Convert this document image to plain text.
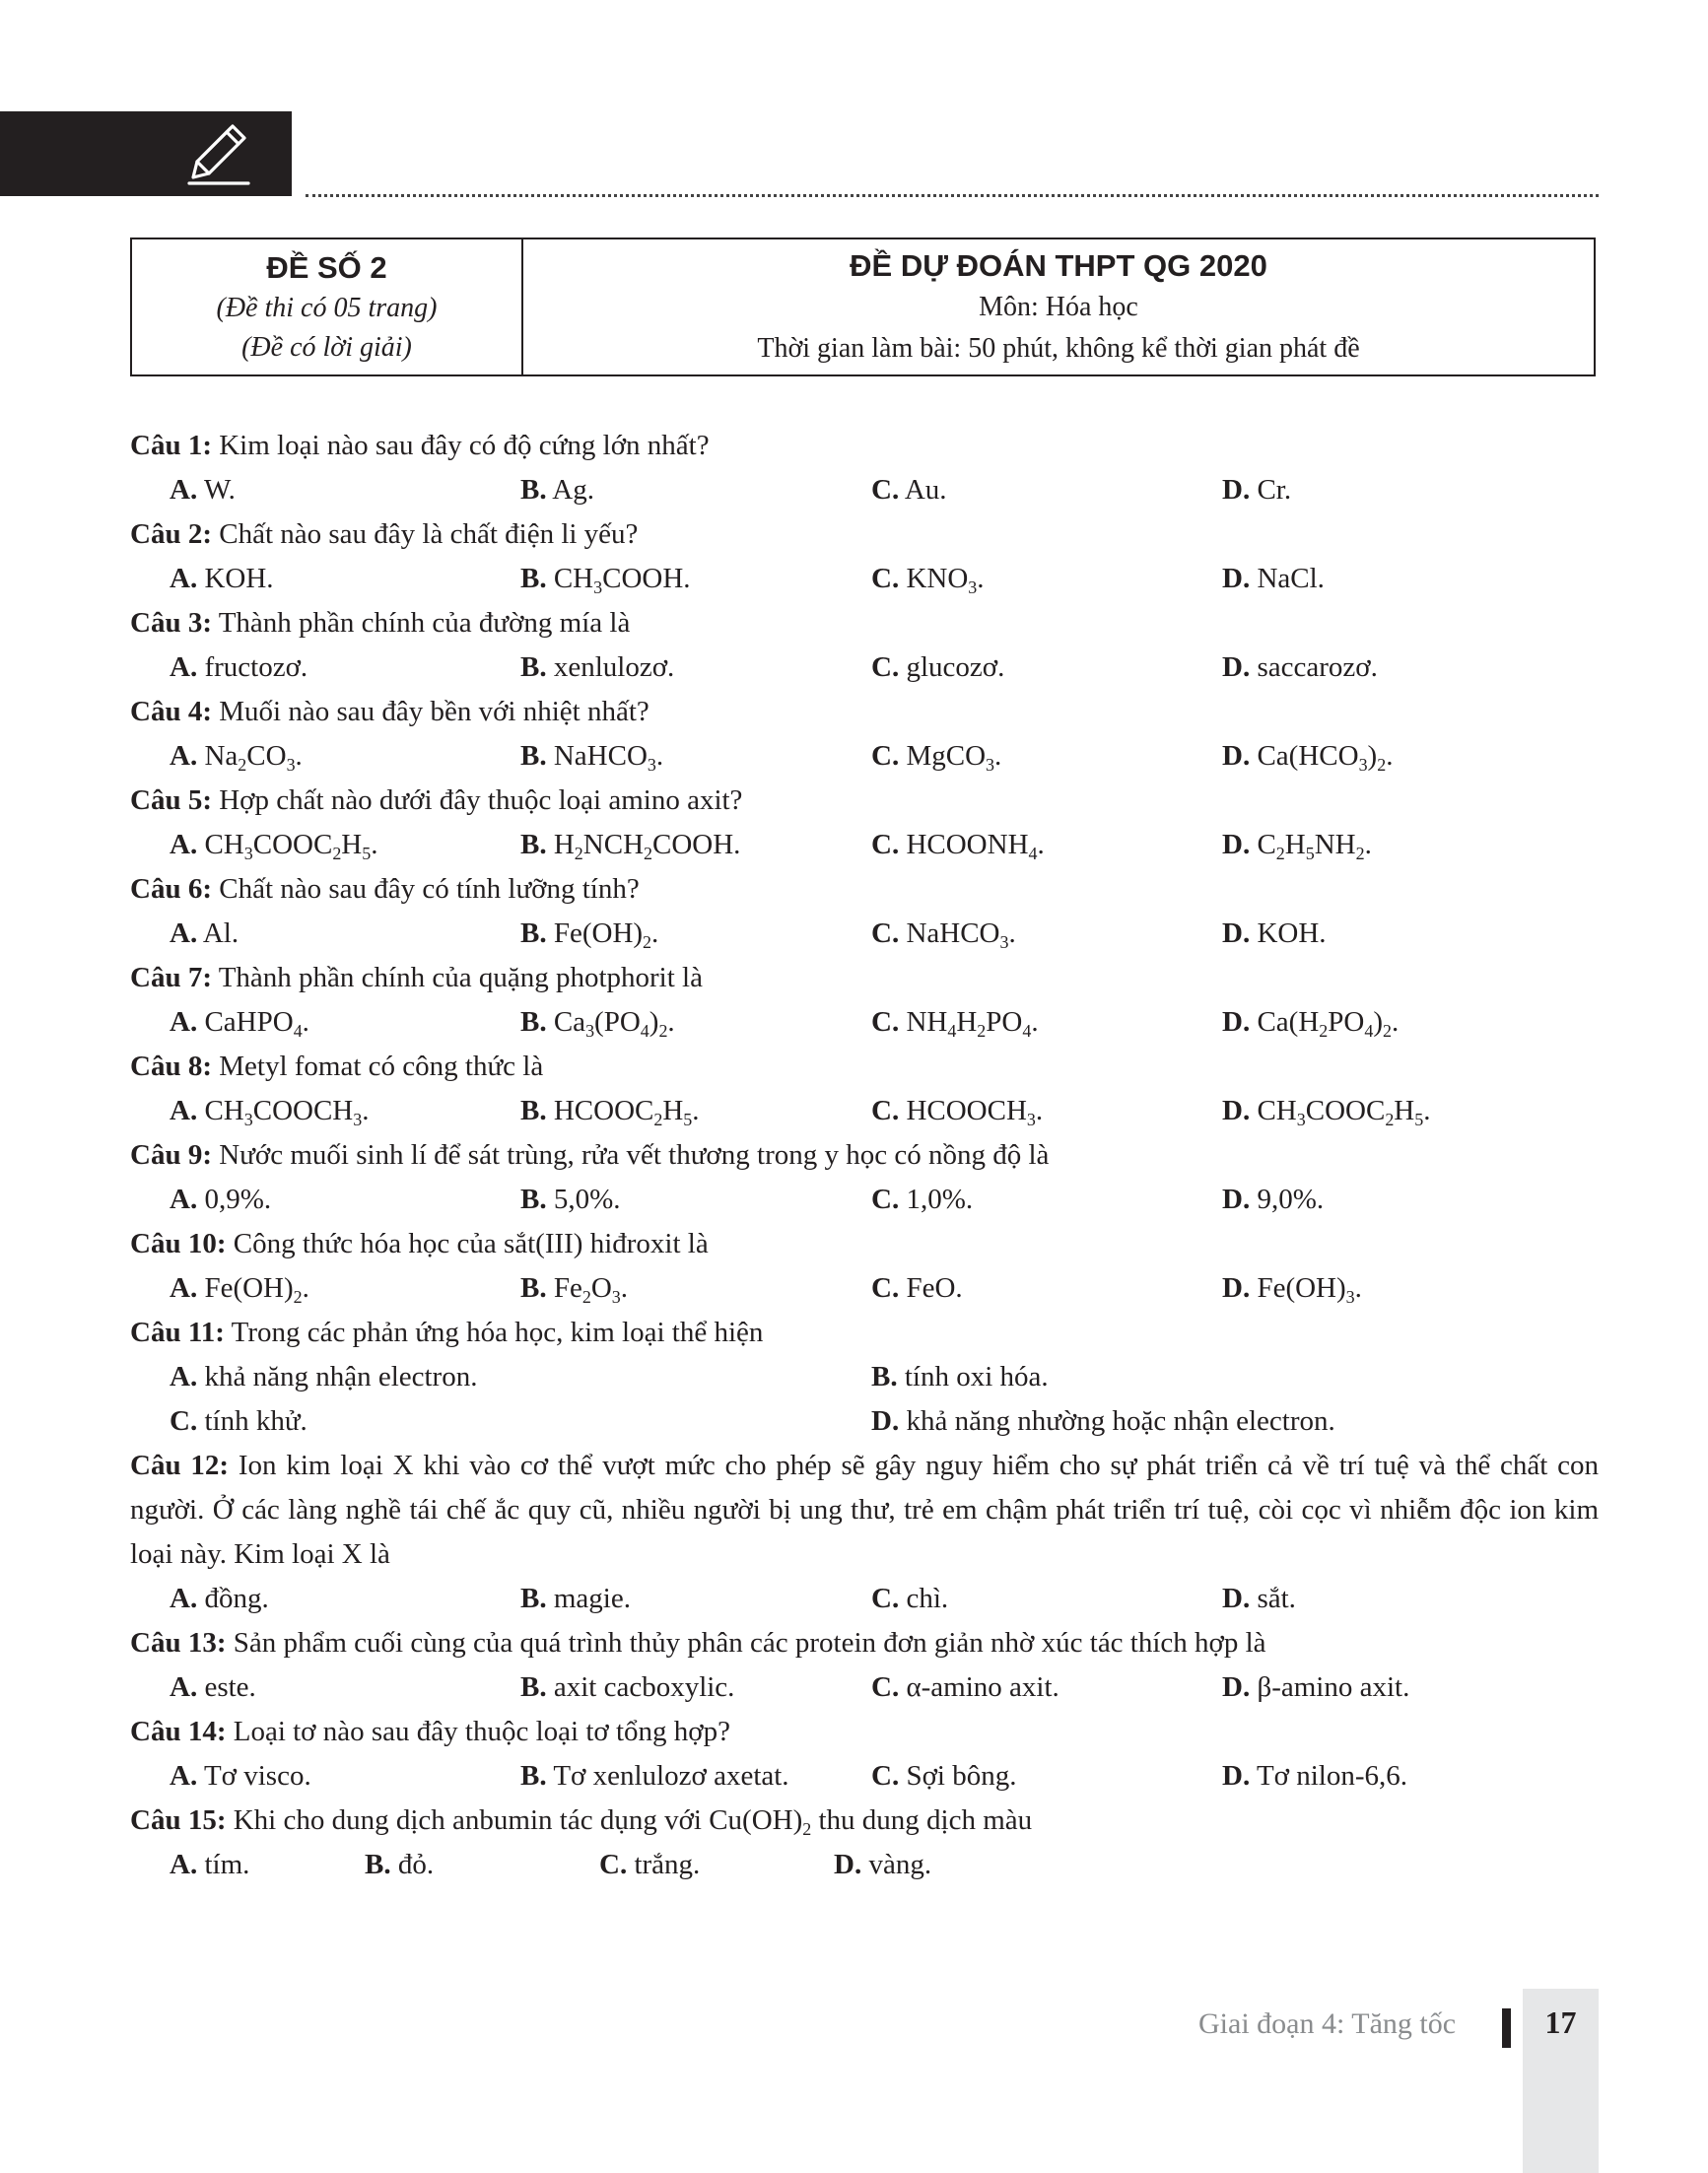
ĐỀ SỐ 2
(Đề thi có 05 trang)
(Đề có lời giải)
ĐỀ DỰ ĐOÁN THPT QG 2020
Môn: Hóa học
Thời gian làm bài: 50 phút, không kể thời gian phát đề
Câu 1: Kim loại nào sau đây có độ cứng lớn nhất?
A. W.	B. Ag.	C. Au.	D. Cr.
Câu 2: Chất nào sau đây là chất điện li yếu?
A. KOH.	B. $CH_3COOH$.	C. $KNO_3$.	D. NaCl.
Câu 3: Thành phần chính của đường mía là
A. fructozơ.	B. xenlulozơ.	C. glucozơ.	D. saccarozơ.
Câu 4: Muối nào sau đây bền với nhiệt nhất?
A. $Na_2CO_3$.	B. NaHCO$_3$.	C. MgCO$_3$.	D. $Ca(HCO_3)_2$.
Câu 5: Hợp chất nào dưới đây thuộc loại amino axit?
A. $CH_3COOC_2H_5$.	B. $H_2NCH_2COOH$.	C. $HCOONH_4$.	D. $C_2H_5NH_2$.
Câu 6: Chất nào sau đây có tính lưỡng tính?
A. Al.	B. $Fe(OH)_2$.	C. NaHCO$_3$.	D. KOH.
Câu 7: Thành phần chính của quặng photphorit là
A. CaHPO$_4$.	B. $Ca_3(PO_4)_2$.	C. $NH_4H_2PO_4$.	D. $Ca(H_2PO_4)_2$.
Câu 8: Metyl fomat có công thức là
A. $CH_3COOCH_3$.	B. $HCOOC_2H_5$.	C. $HCOOCH_3$.	D. $CH_3COOC_2H_5$.
Câu 9: Nước muối sinh lí để sát trùng, rửa vết thương trong y học có nồng độ là
A. 0,9%.	B. 5,0%.	C. 1,0%.	D. 9,0%.
Câu 10: Công thức hóa học của sắt(III) hiđroxit là
A. $Fe(OH)_2$.	B. $Fe_2O_3$.	C. FeO.	D. $Fe(OH)_3$.
Câu 11: Trong các phản ứng hóa học, kim loại thể hiện
A. khả năng nhận electron.	B. tính oxi hóa.
C. tính khử.	D. khả năng nhường hoặc nhận electron.
Câu 12: Ion kim loại X khi vào cơ thể vượt mức cho phép sẽ gây nguy hiểm cho sự phát triển cả về trí tuệ và thể chất con người. Ở các làng nghề tái chế ắc quy cũ, nhiều người bị ung thư, trẻ em chậm phát triển trí tuệ, còi cọc vì nhiễm độc ion kim loại này. Kim loại X là
A. đồng.	B. magie.	C. chì.	D. sắt.
Câu 13: Sản phẩm cuối cùng của quá trình thủy phân các protein đơn giản nhờ xúc tác thích hợp là
A. este.	B. axit cacboxylic.	C. α-amino axit.	D. β-amino axit.
Câu 14: Loại tơ nào sau đây thuộc loại tơ tổng hợp?
A. Tơ visco.	B. Tơ xenlulozơ axetat.	C. Sợi bông.	D. Tơ nilon-6,6.
Câu 15: Khi cho dung dịch anbumin tác dụng với $Cu(OH)_2$ thu dung dịch màu
A. tím.	B. đỏ.	C. trắng.	D. vàng.
Giai đoạn 4: Tăng tốc	17
